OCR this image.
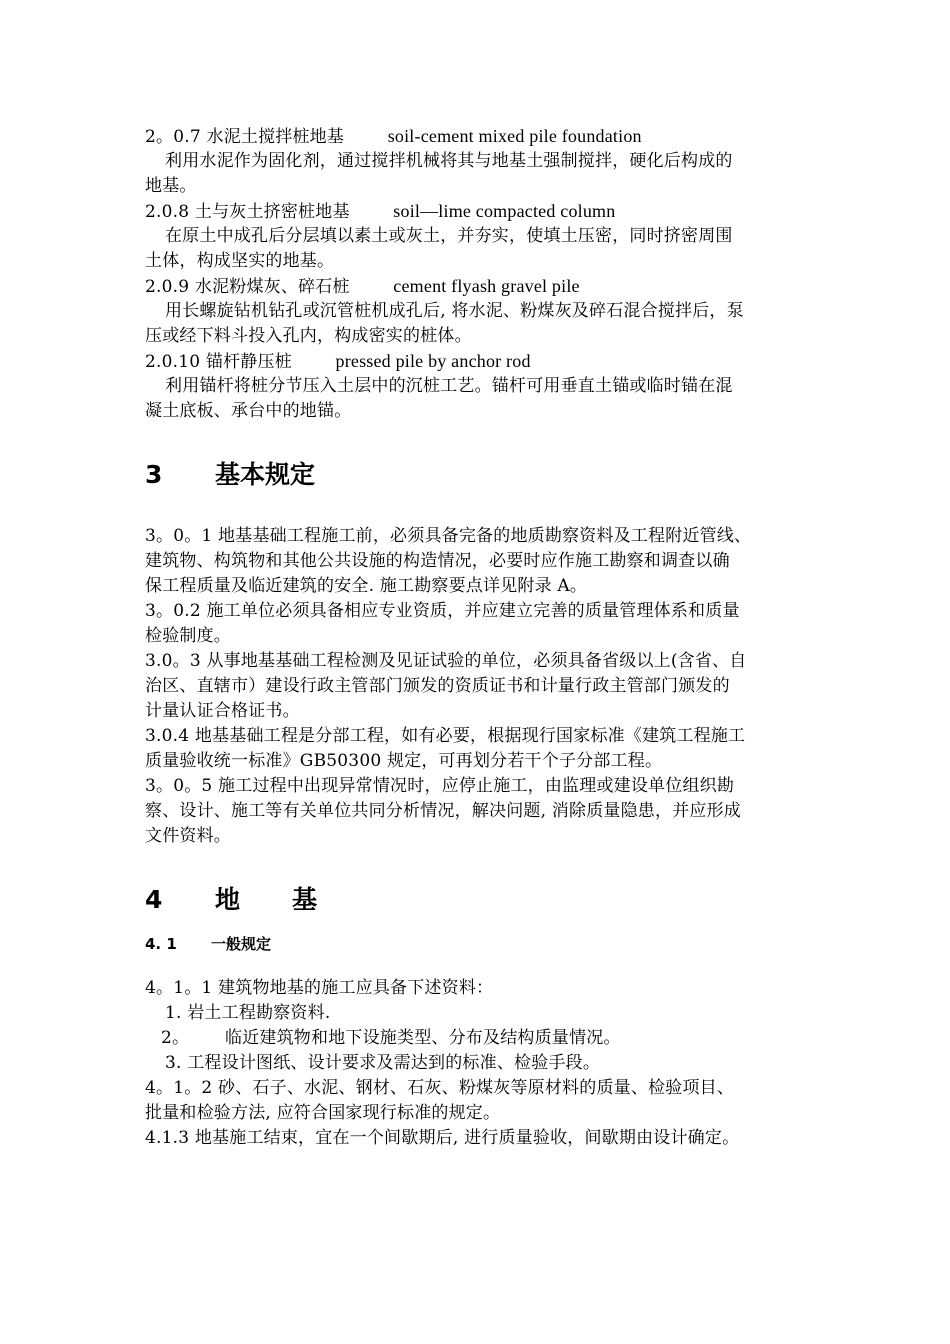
2。0.7 水泥土搅拌桩地基 soil-cement mixed pile foundation
利用水泥作为固化剂，通过搅拌机械将其与地基土强制搅拌，硬化后构成的
地基。
2.0.8 土与灰土挤密桩地基 soil—lime compacted column
在原土中成孔后分层填以素土或灰土，并夯实，使填土压密，同时挤密周围
土体，构成坚实的地基。
2.0.9 水泥粉煤灰、碎石桩 cement flyash gravel pile
用长螺旋钻机钻孔或沉管桩机成孔后, 将水泥、粉煤灰及碎石混合搅拌后，泵
压或经下料斗投入孔内，构成密实的桩体。
2.0.10 锚杆静压桩 pressed pile by anchor rod
利用锚杆将桩分节压入土层中的沉桩工艺。锚杆可用垂直土锚或临时锚在混
凝土底板、承台中的地锚。
3 基本规定
3。0。1 地基基础工程施工前，必须具备完备的地质勘察资料及工程附近管线、
建筑物、构筑物和其他公共设施的构造情况，必要时应作施工勘察和调查以确
保工程质量及临近建筑的安全. 施工勘察要点详见附录 A。
3。0.2 施工单位必须具备相应专业资质，并应建立完善的质量管理体系和质量
检验制度。
3.0。3 从事地基基础工程检测及见证试验的单位，必须具备省级以上(含省、自
治区、直辖市）建设行政主管部门颁发的资质证书和计量行政主管部门颁发的
计量认证合格证书。
3.0.4 地基基础工程是分部工程，如有必要，根据现行国家标准《建筑工程施工
质量验收统一标准》GB50300 规定，可再划分若干个子分部工程。
3。0。5 施工过程中出现异常情况时，应停止施工，由监理或建设单位组织勘
察、设计、施工等有关单位共同分析情况，解决问题, 消除质量隐患，并应形成
文件资料。
4 地基
4. 1 一般规定
4。1。1 建筑物地基的施工应具备下述资料：
1. 岩土工程勘察资料.
2。 临近建筑物和地下设施类型、分布及结构质量情况。
3. 工程设计图纸、设计要求及需达到的标准、检验手段。
4。1。2 砂、石子、水泥、钢材、石灰、粉煤灰等原材料的质量、检验项目、
批量和检验方法, 应符合国家现行标准的规定。
4.1.3 地基施工结束，宜在一个间歇期后, 进行质量验收，间歇期由设计确定。
